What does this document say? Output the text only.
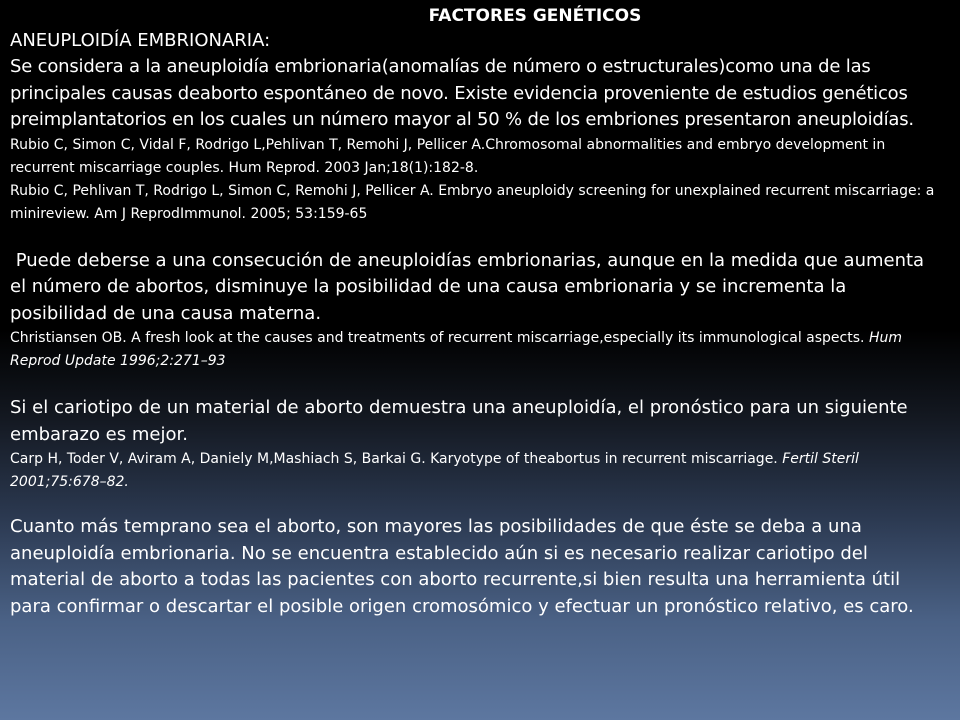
FACTORES GENÉTICOS

ANEUPLOIDÍA EMBRIONARIA:

Se considera a la aneuploidía embrionaria(anomalías de número o estructurales)como una de las principales causas deaborto espontáneo de novo. Existe evidencia proveniente de estudios genéticos preimplantatorios en los cuales un número mayor al 50 % de los embriones presentaron aneuploidías.

Rubio C, Simon C, Vidal F, Rodrigo L,Pehlivan T, Remohi J, Pellicer A.Chromosomal abnormalities and embryo development in recurrent miscarriage couples. Hum Reprod. 2003 Jan;18(1):182-8.

Rubio C, Pehlivan T, Rodrigo L, Simon C, Remohi J, Pellicer A. Embryo aneuploidy screening for unexplained recurrent miscarriage: a minireview. Am J ReprodImmunol. 2005; 53:159-65

Puede deberse a una consecución de aneuploidías embrionarias, aunque en la medida que aumenta el número de abortos, disminuye la posibilidad de una causa embrionaria y se incrementa la posibilidad de una causa materna.

Christiansen OB. A fresh look at the causes and treatments of recurrent miscarriage,especially its immunological aspects. Hum Reprod Update 1996;2:271–93

Si el cariotipo de un material de aborto demuestra una aneuploidía, el pronóstico para un siguiente embarazo es mejor.

Carp H, Toder V, Aviram A, Daniely M,Mashiach S, Barkai G. Karyotype of theabortus in recurrent miscarriage. Fertil Steril 2001;75:678–82.

Cuanto más temprano sea el aborto, son mayores las posibilidades de que éste se deba a una aneuploidía embrionaria. No se encuentra establecido aún si es necesario realizar cariotipo del material de aborto a todas las pacientes con aborto recurrente,si bien resulta una herramienta útil para confirmar o descartar el posible origen cromosómico y efectuar un pronóstico relativo, es caro.
